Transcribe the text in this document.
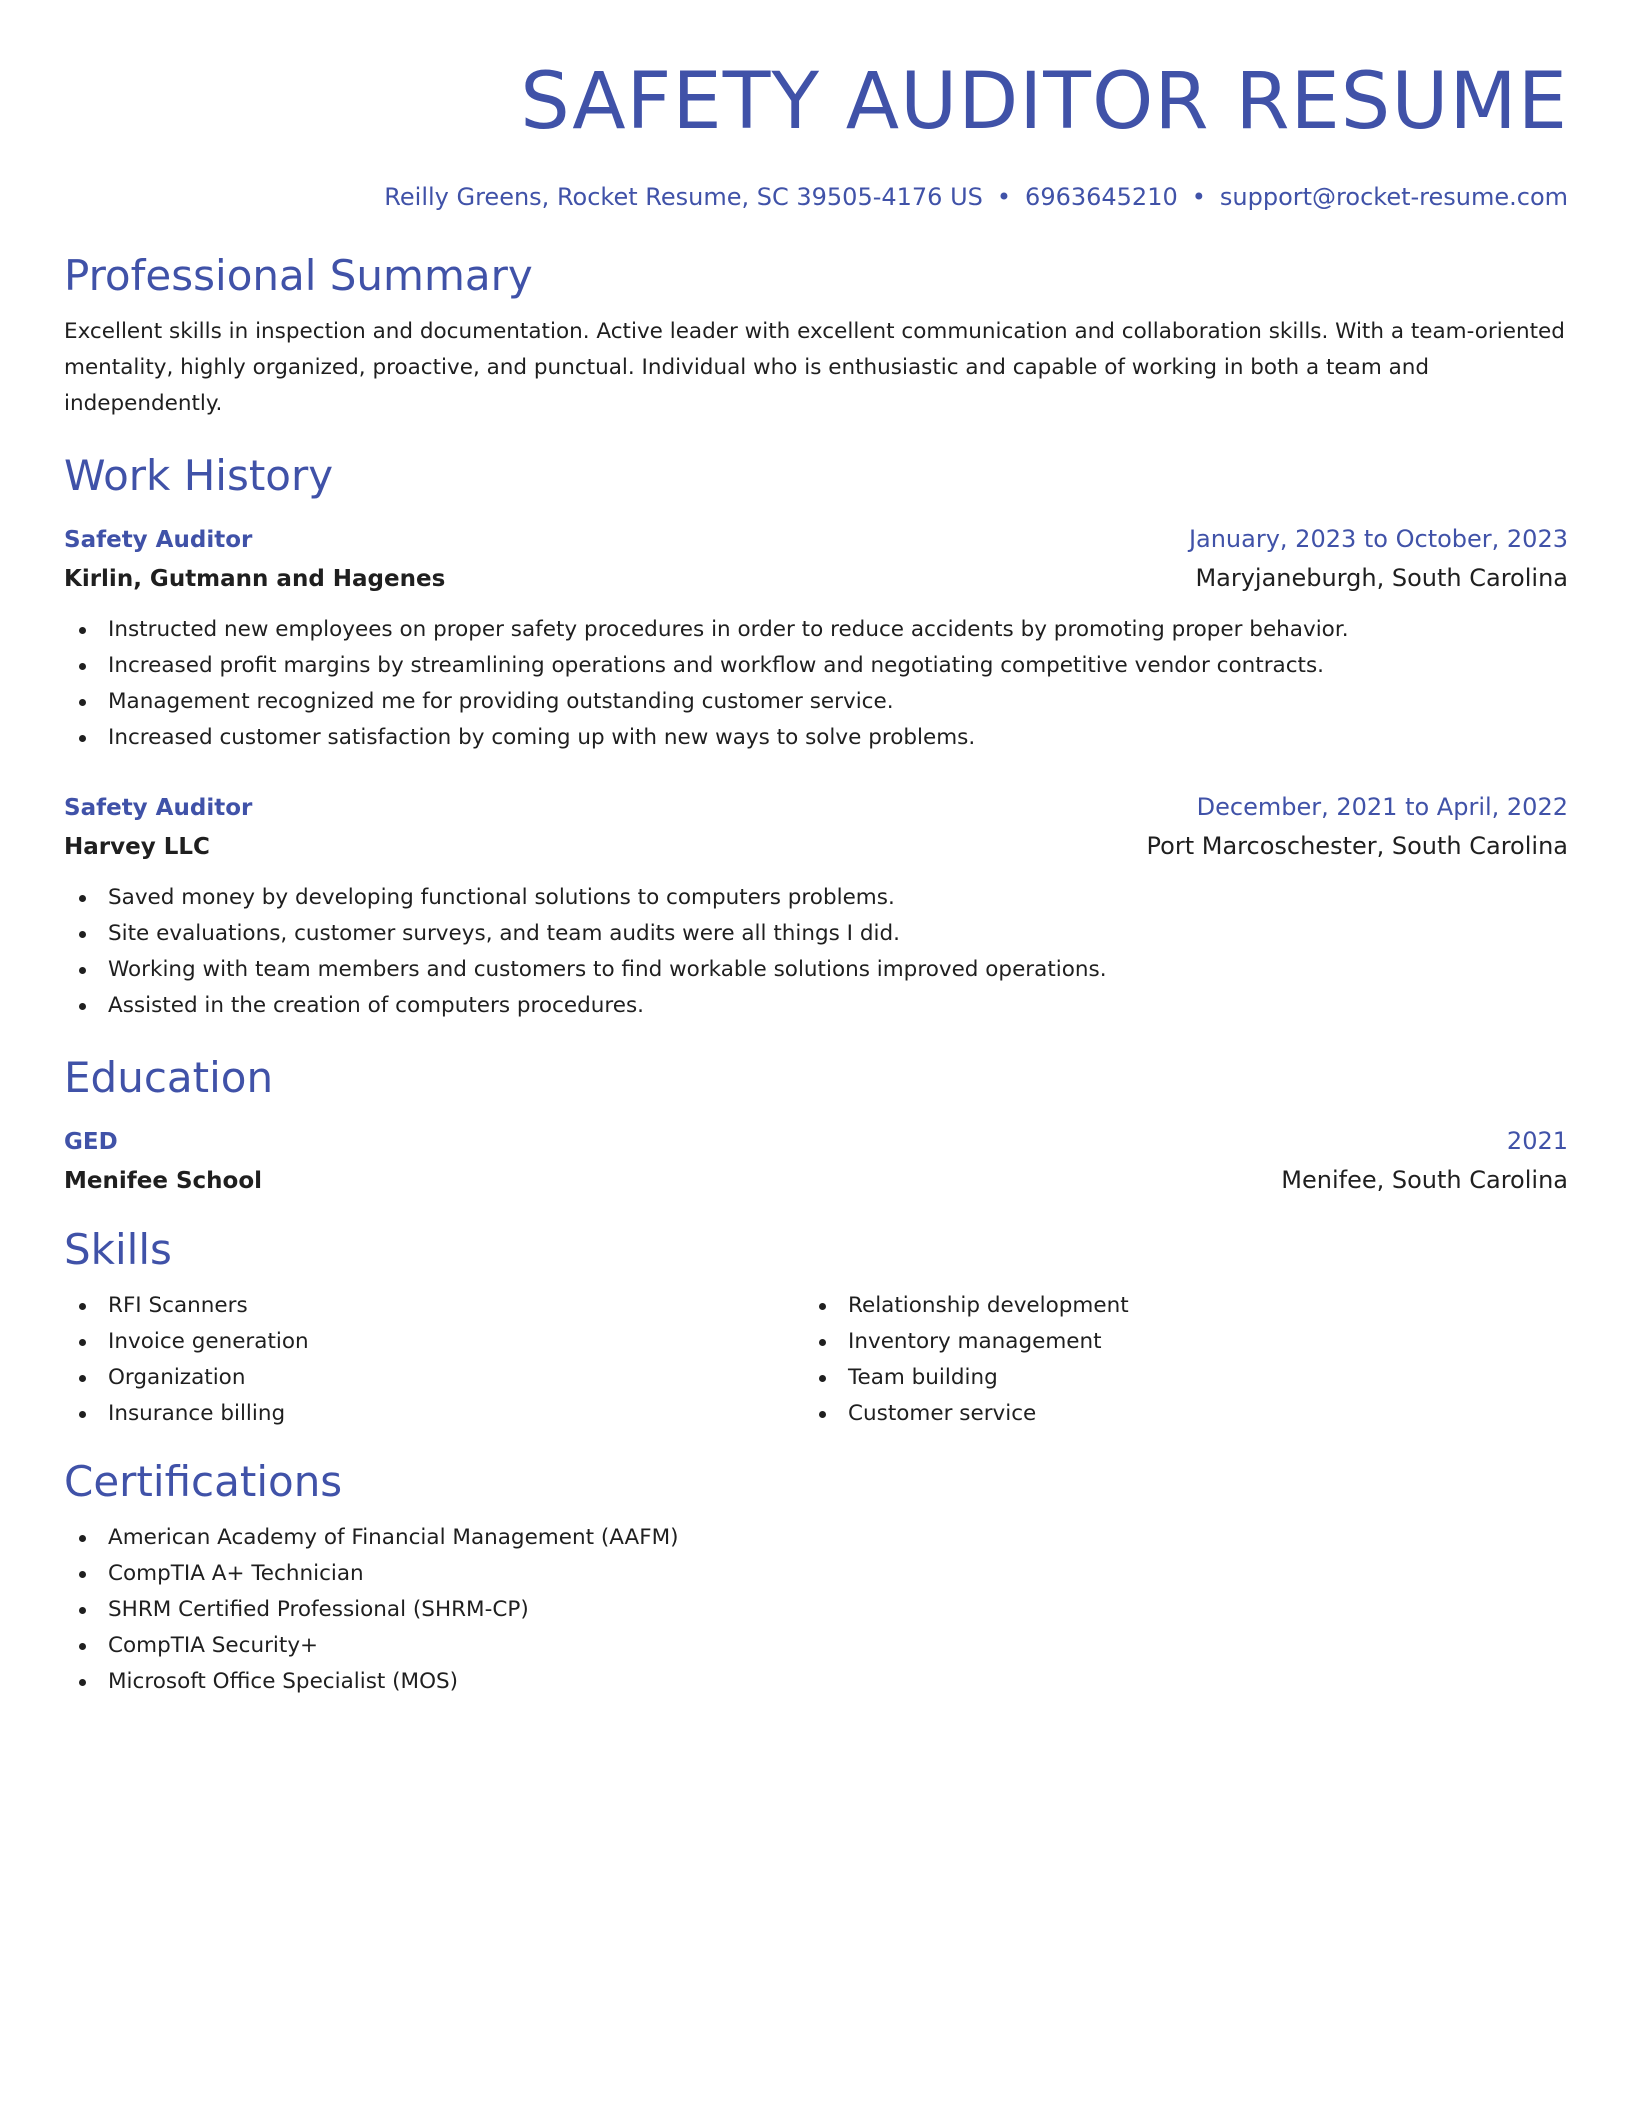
SAFETY AUDITOR RESUME
Reilly Greens, Rocket Resume, SC 39505-4176 US • 6963645210 • support@rocket-resume.com
Professional Summary

Excellent skills in inspection and documentation. Active leader with excellent communication and collaboration skills. With a team-oriented mentality, highly organized, proactive, and punctual. Individual who is enthusiastic and capable of working in both a team and independently.

Work History
Safety Auditor	January, 2023 to October, 2023
Kirlin, Gutmann and Hagenes	Maryjaneburgh, South Carolina
Instructed new employees on proper safety procedures in order to reduce accidents by promoting proper behavior.
Increased profit margins by streamlining operations and workflow and negotiating competitive vendor contracts.
Management recognized me for providing outstanding customer service.
Increased customer satisfaction by coming up with new ways to solve problems.
Safety Auditor	December, 2021 to April, 2022
Harvey LLC	Port Marcoschester, South Carolina
Saved money by developing functional solutions to computers problems.
Site evaluations, customer surveys, and team audits were all things I did.
Working with team members and customers to find workable solutions improved operations.
Assisted in the creation of computers procedures.
Education
GED	2021
Menifee School	Menifee, South Carolina
Skills
RFI Scanners
Invoice generation
Organization
Insurance billing
Relationship development
Inventory management
Team building
Customer service
Certifications
American Academy of Financial Management (AAFM)
CompTIA A+ Technician
SHRM Certified Professional (SHRM-CP)
CompTIA Security+
Microsoft Office Specialist (MOS)
